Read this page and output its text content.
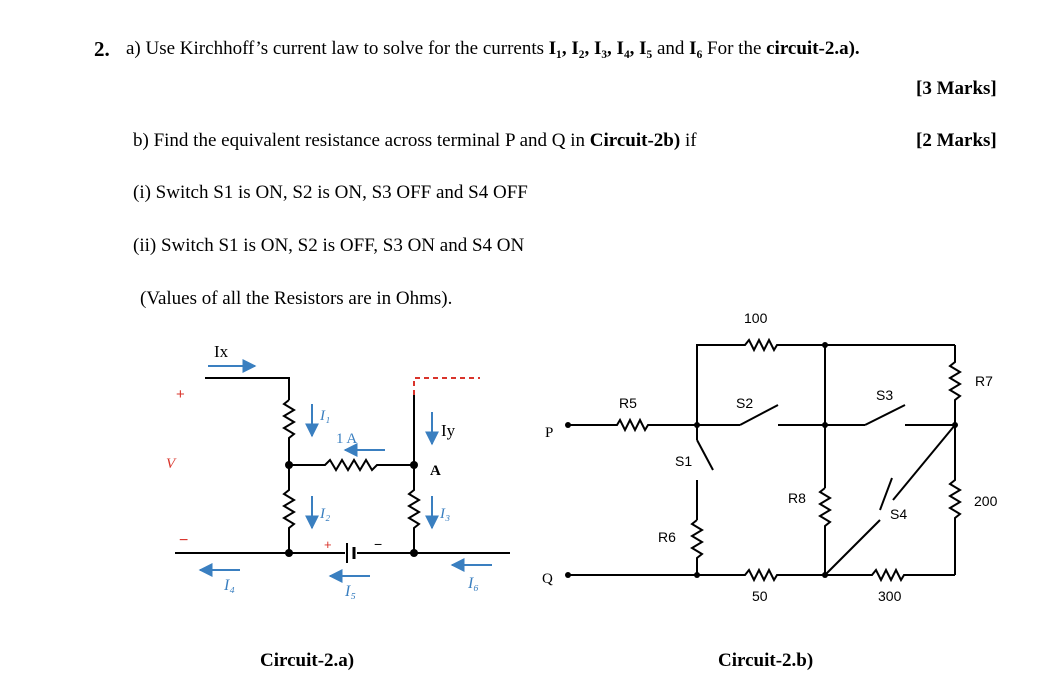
2. a) Use Kirchhoff’s current law to solve for the currents I₁, I₂, I₃, I₄, I₅ and I₆ For the circuit-2.a).
[3 Marks]
b) Find the equivalent resistance across terminal P and Q in Circuit-2b) if	[2 Marks]
(i) Switch S1 is ON, S2 is ON, S3 OFF and S4 OFF
(ii) Switch S1 is ON, S2 is OFF, S3 ON and S4 ON
(Values of all the Resistors are in Ohms).
Ix
+
V
−
I₁
1 A	Iy
A
I₂	I₃
+	−
I₄	I₅	I₆
P
Q
R5
100
S2	S3
R7
S1
R6
R8
S4
200
50	300
Circuit-2.a)	Circuit-2.b)
